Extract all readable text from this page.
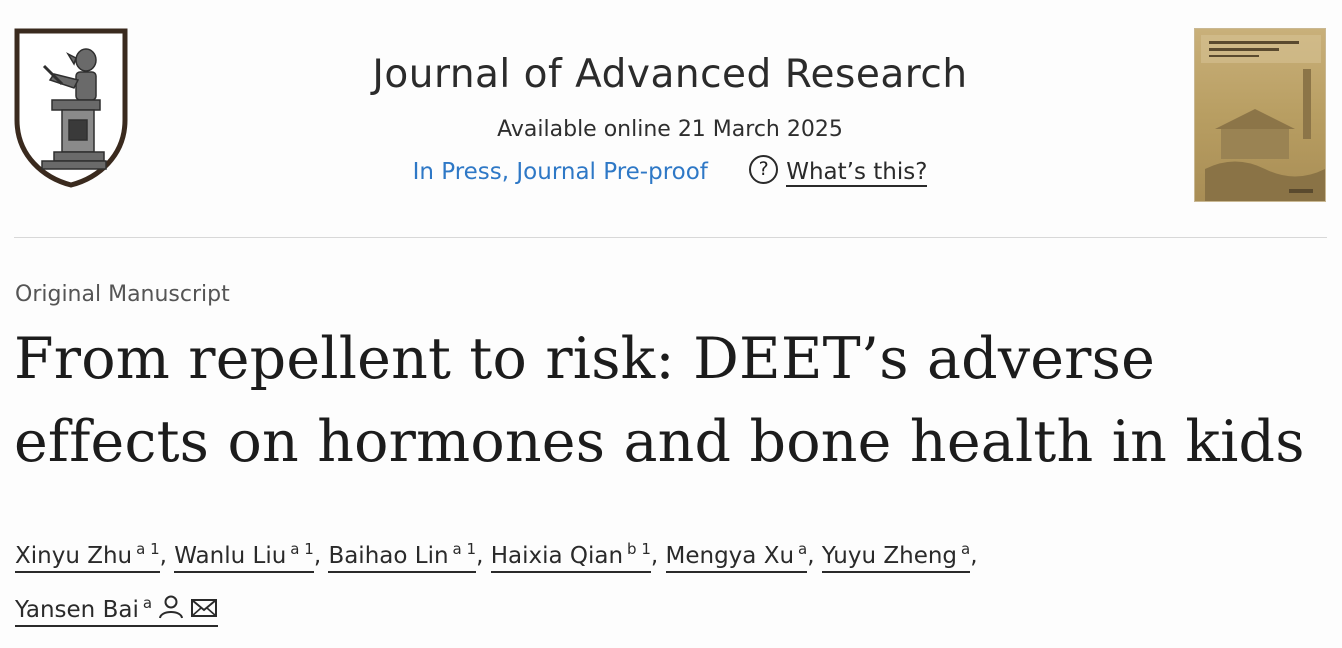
Journal of Advanced Research
Available online 21 March 2025
In Press, Journal Pre-proof	? What’s this?
Original Manuscript
From repellent to risk: DEET’s adverse
effects on hormones and bone health in kids
Xinyu Zhu $^{a 1}$, Wanlu Liu $^{a 1}$, Baihao Lin $^{a 1}$, Haixia Qian $^{b 1}$, Mengya Xu $^a$, Yuyu Zheng $^a$,
Yansen Bai $^a$
